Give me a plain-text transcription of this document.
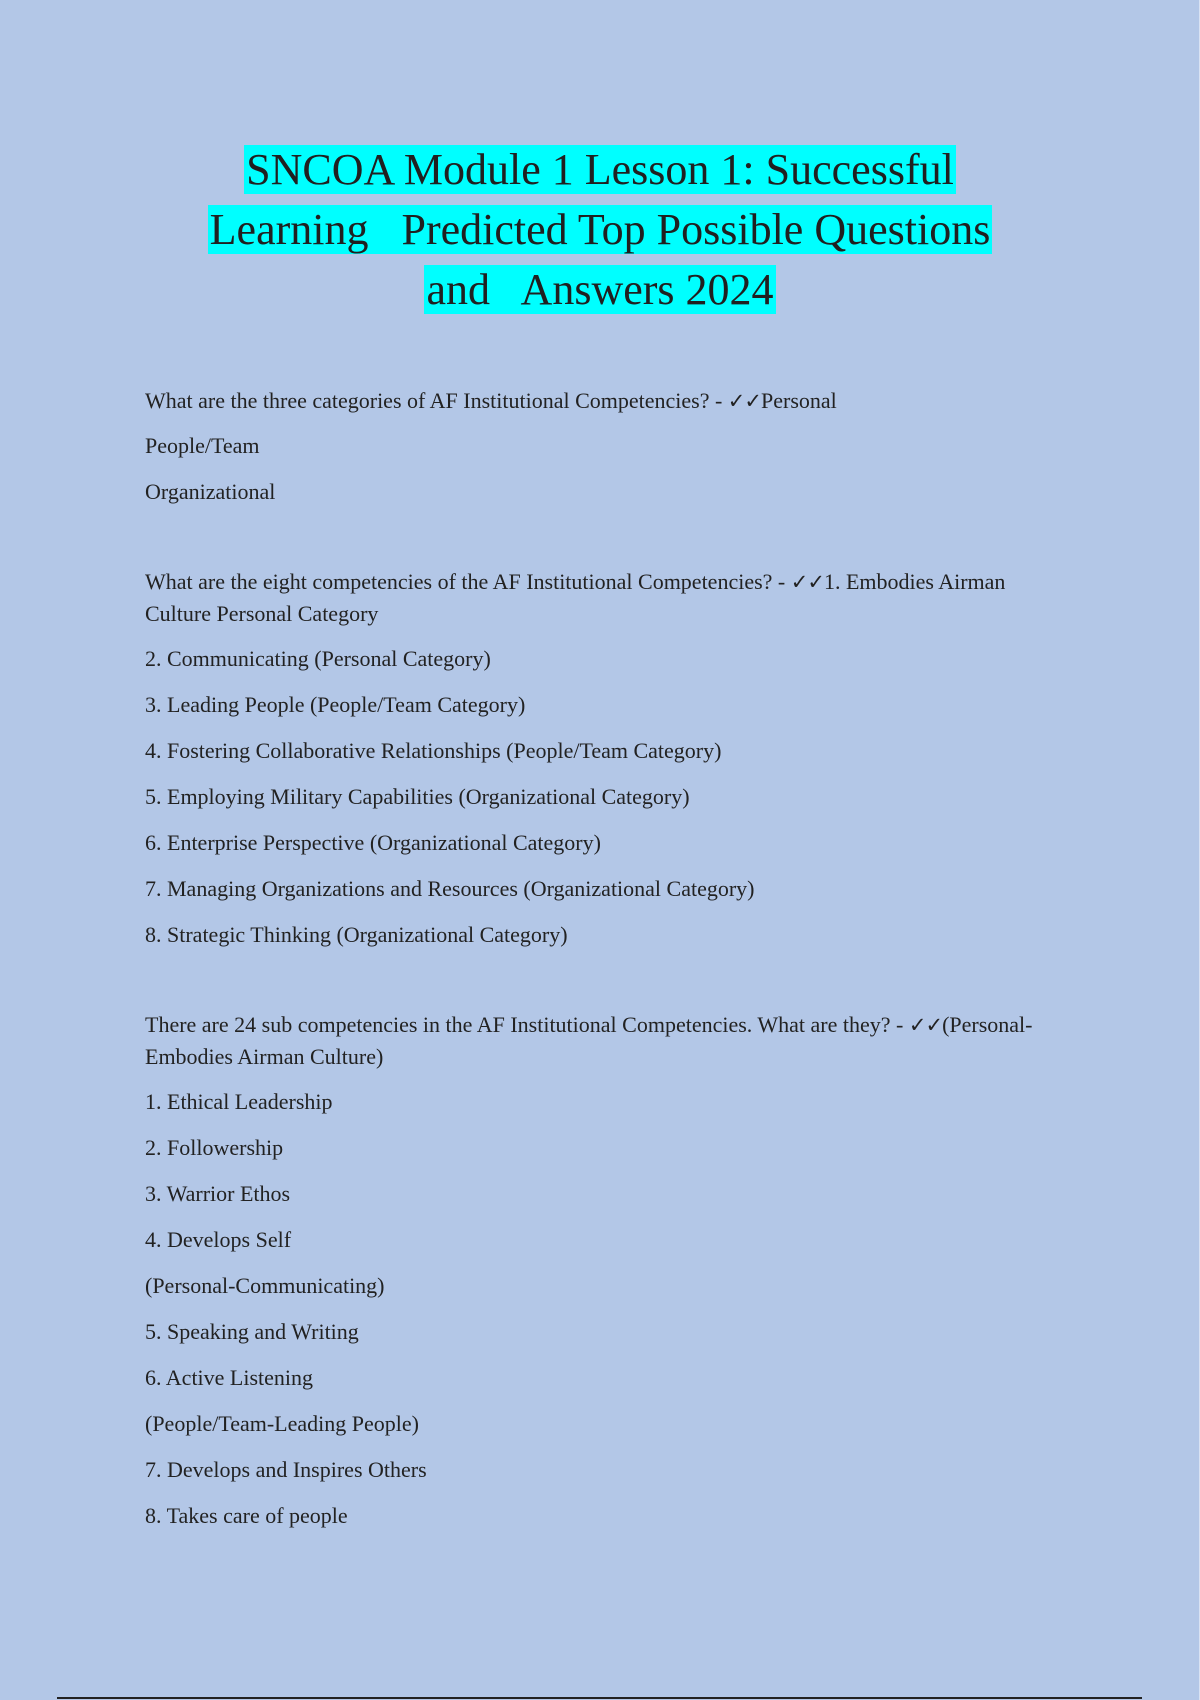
SNCOA Module 1 Lesson 1: Successful
Learning   Predicted Top Possible Questions
and   Answers 2024
What are the three categories of AF Institutional Competencies? - ✓✓Personal
People/Team
Organizational
What are the eight competencies of the AF Institutional Competencies? - ✓✓1. Embodies Airman Culture Personal Category
2. Communicating (Personal Category)
3. Leading People (People/Team Category)
4. Fostering Collaborative Relationships (People/Team Category)
5. Employing Military Capabilities (Organizational Category)
6. Enterprise Perspective (Organizational Category)
7. Managing Organizations and Resources (Organizational Category)
8. Strategic Thinking (Organizational Category)
There are 24 sub competencies in the AF Institutional Competencies. What are they? - ✓✓(Personal-Embodies Airman Culture)
1. Ethical Leadership
2. Followership
3. Warrior Ethos
4. Develops Self
(Personal-Communicating)
5. Speaking and Writing
6. Active Listening
(People/Team-Leading People)
7. Develops and Inspires Others
8. Takes care of people
